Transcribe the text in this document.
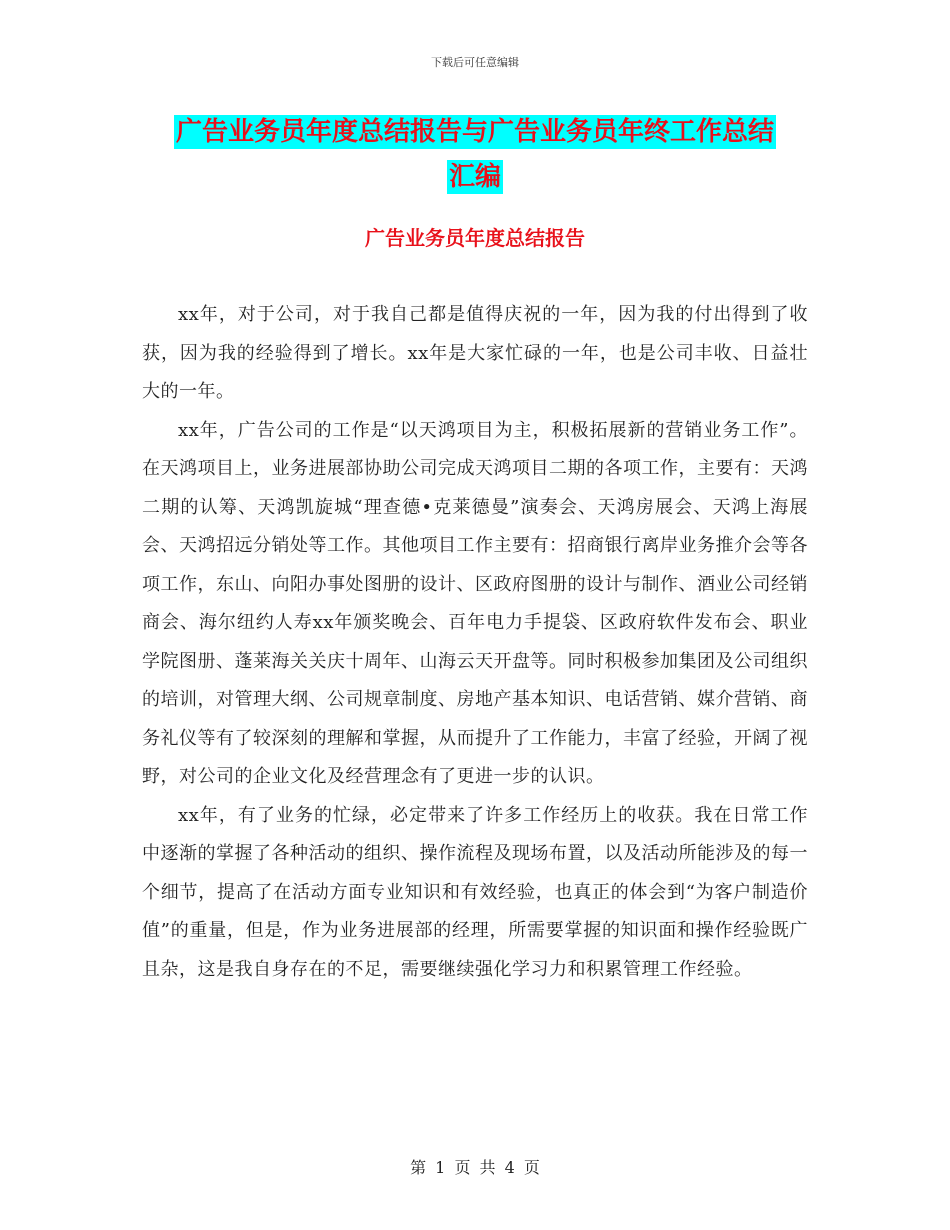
下载后可任意编辑
广告业务员年度总结报告与广告业务员年终工作总结
汇编
广告业务员年度总结报告

xx年，对于公司，对于我自己都是值得庆祝的一年，因为我的付出得到了收获，因为我的经验得到了增长。xx年是大家忙碌的一年，也是公司丰收、日益壮大的一年。

xx年，广告公司的工作是“以天鸿项目为主，积极拓展新的营销业务工作”。在天鸿项目上，业务进展部协助公司完成天鸿项目二期的各项工作，主要有：天鸿二期的认筹、天鸿凯旋城“理查德•克莱德曼”演奏会、天鸿房展会、天鸿上海展会、天鸿招远分销处等工作。其他项目工作主要有：招商银行离岸业务推介会等各项工作，东山、向阳办事处图册的设计、区政府图册的设计与制作、酒业公司经销商会、海尔纽约人寿xx年颁奖晚会、百年电力手提袋、区政府软件发布会、职业学院图册、蓬莱海关关庆十周年、山海云天开盘等。同时积极参加集团及公司组织的培训，对管理大纲、公司规章制度、房地产基本知识、电话营销、媒介营销、商务礼仪等有了较深刻的理解和掌握，从而提升了工作能力，丰富了经验，开阔了视野，对公司的企业文化及经营理念有了更进一步的认识。

xx年，有了业务的忙绿，必定带来了许多工作经历上的收获。我在日常工作中逐渐的掌握了各种活动的组织、操作流程及现场布置，以及活动所能涉及的每一个细节，提高了在活动方面专业知识和有效经验，也真正的体会到“为客户制造价值”的重量，但是，作为业务进展部的经理，所需要掌握的知识面和操作经验既广且杂，这是我自身存在的不足，需要继续强化学习力和积累管理工作经验。

第 1 页 共 4 页
